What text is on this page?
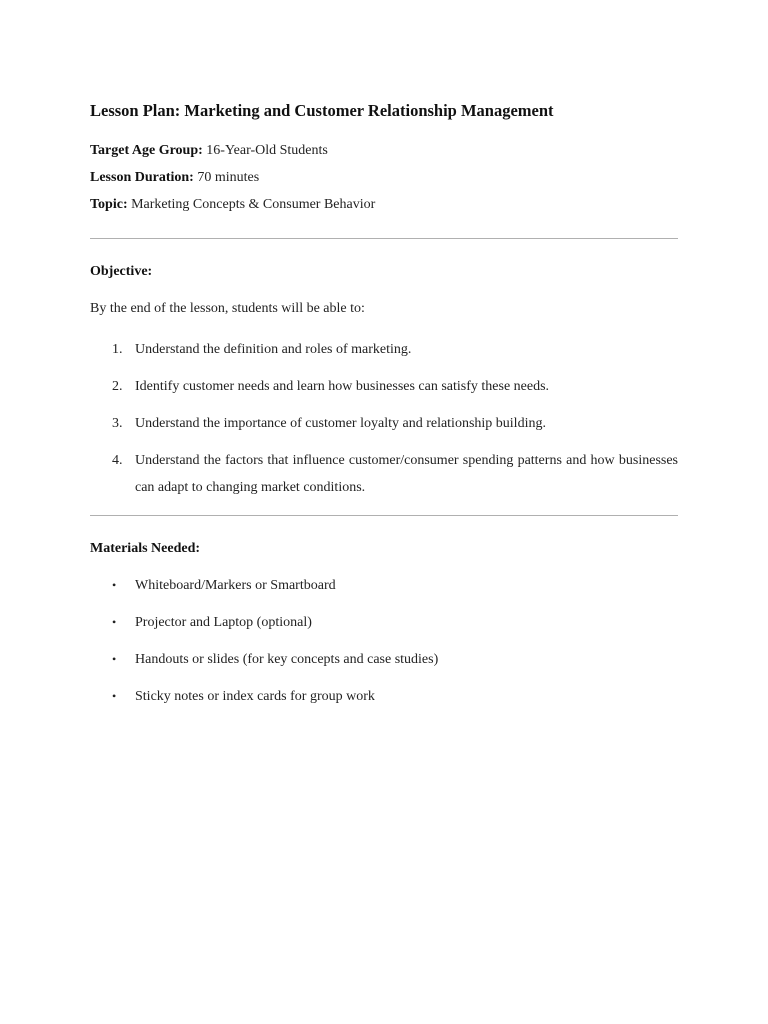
Lesson Plan: Marketing and Customer Relationship Management
Target Age Group: 16-Year-Old Students
Lesson Duration: 70 minutes
Topic: Marketing Concepts & Consumer Behavior
Objective:
By the end of the lesson, students will be able to:
1. Understand the definition and roles of marketing.
2. Identify customer needs and learn how businesses can satisfy these needs.
3. Understand the importance of customer loyalty and relationship building.
4. Understand the factors that influence customer/consumer spending patterns and how businesses can adapt to changing market conditions.
Materials Needed:
• Whiteboard/Markers or Smartboard
• Projector and Laptop (optional)
• Handouts or slides (for key concepts and case studies)
• Sticky notes or index cards for group work
